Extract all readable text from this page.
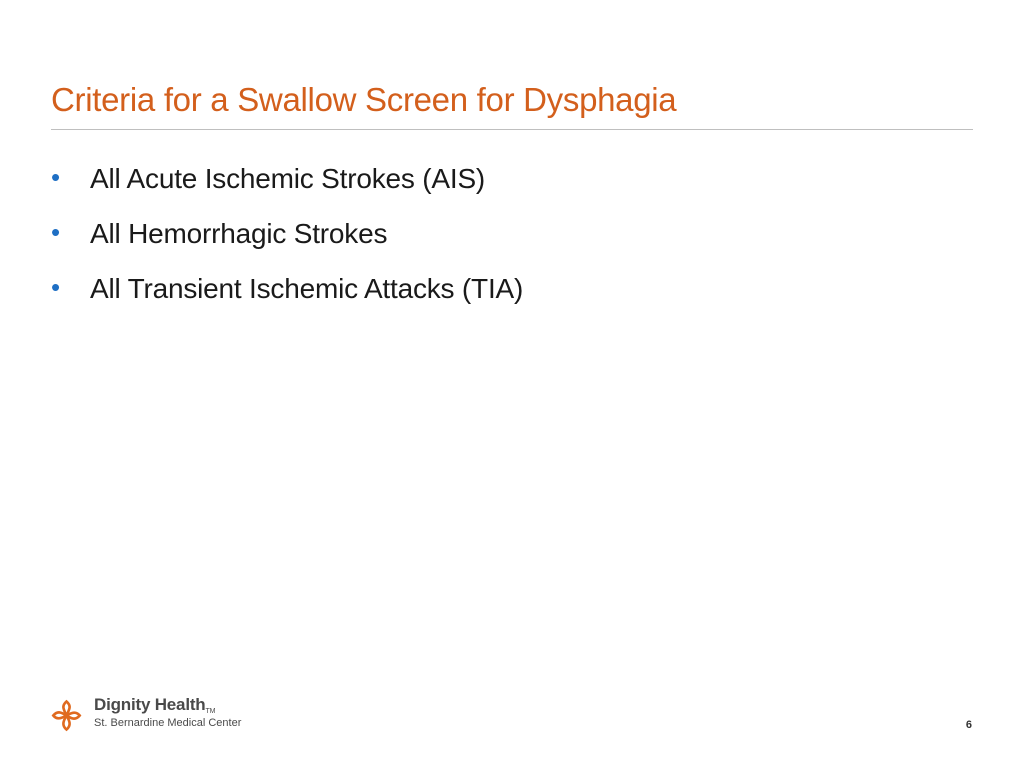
Criteria for a Swallow Screen for Dysphagia
• All Acute Ischemic Strokes (AIS)
• All Hemorrhagic Strokes
• All Transient Ischemic Attacks (TIA)
Dignity HealthTM
St. Bernardine Medical Center	6
